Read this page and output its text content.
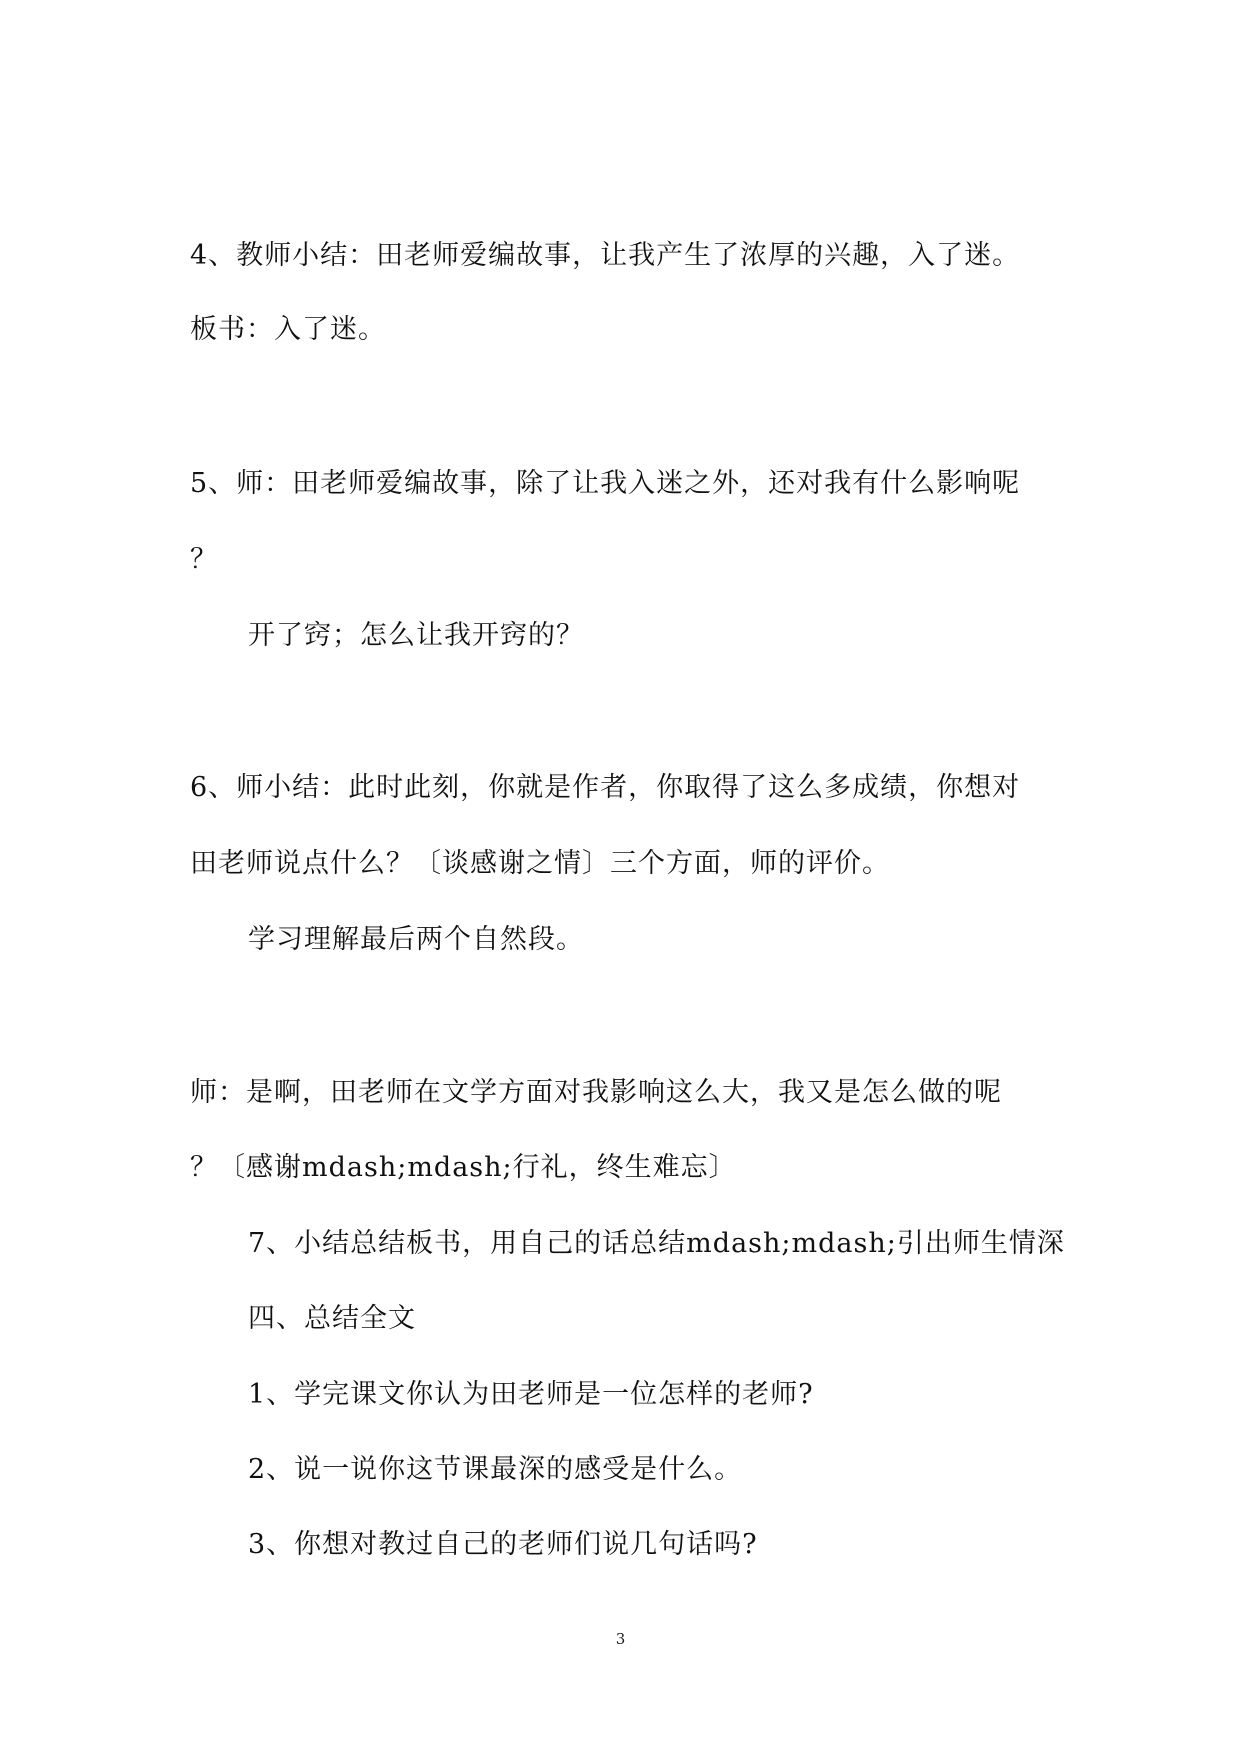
4、教师小结：田老师爱编故事，让我产生了浓厚的兴趣，入了迷。
板书：入了迷。
5、师：田老师爱编故事，除了让我入迷之外，还对我有什么影响呢
？
开了窍；怎么让我开窍的？
6、师小结：此时此刻，你就是作者，你取得了这么多成绩，你想对
田老师说点什么？〔谈感谢之情〕三个方面，师的评价。
学习理解最后两个自然段。
师：是啊，田老师在文学方面对我影响这么大，我又是怎么做的呢
？〔感谢mdash;mdash;行礼，终生难忘〕
7、小结总结板书，用自己的话总结mdash;mdash;引出师生情深
四、总结全文
1、学完课文你认为田老师是一位怎样的老师?
2、说一说你这节课最深的感受是什么。
3、你想对教过自己的老师们说几句话吗?
3
